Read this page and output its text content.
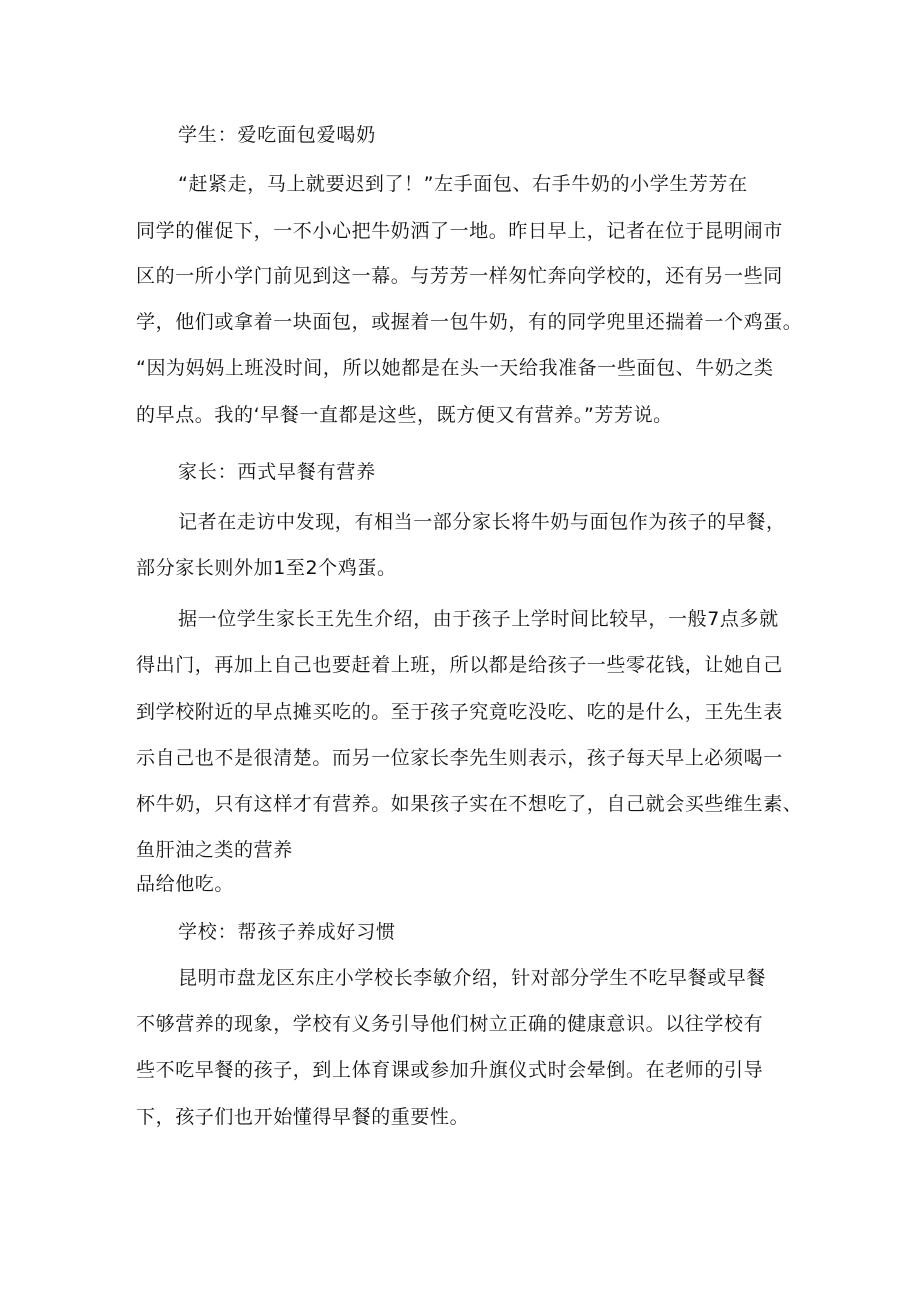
学生：爱吃面包爱喝奶
“赶紧走，马上就要迟到了！”左手面包、右手牛奶的小学生芳芳在
同学的催促下，一不小心把牛奶洒了一地。昨日早上，记者在位于昆明闹市
区的一所小学门前见到这一幕。与芳芳一样匆忙奔向学校的，还有另一些同
学，他们或拿着一块面包，或握着一包牛奶，有的同学兜里还揣着一个鸡蛋。
“因为妈妈上班没时间，所以她都是在头一天给我准备一些面包、牛奶之类
的早点。我的‘早餐一直都是这些，既方便又有营养。”芳芳说。
家长：西式早餐有营养
记者在走访中发现，有相当一部分家长将牛奶与面包作为孩子的早餐，
部分家长则外加1至2个鸡蛋。
据一位学生家长王先生介绍，由于孩子上学时间比较早，一般7点多就
得出门，再加上自己也要赶着上班，所以都是给孩子一些零花钱，让她自己
到学校附近的早点摊买吃的。至于孩子究竟吃没吃、吃的是什么，王先生表
示自己也不是很清楚。而另一位家长李先生则表示，孩子每天早上必须喝一
杯牛奶，只有这样才有营养。如果孩子实在不想吃了，自己就会买些维生素、
鱼肝油之类的营养
品给他吃。
学校：帮孩子养成好习惯
昆明市盘龙区东庄小学校长李敏介绍，针对部分学生不吃早餐或早餐
不够营养的现象，学校有义务引导他们树立正确的健康意识。以往学校有
些不吃早餐的孩子，到上体育课或参加升旗仪式时会晕倒。在老师的引导
下，孩子们也开始懂得早餐的重要性。
